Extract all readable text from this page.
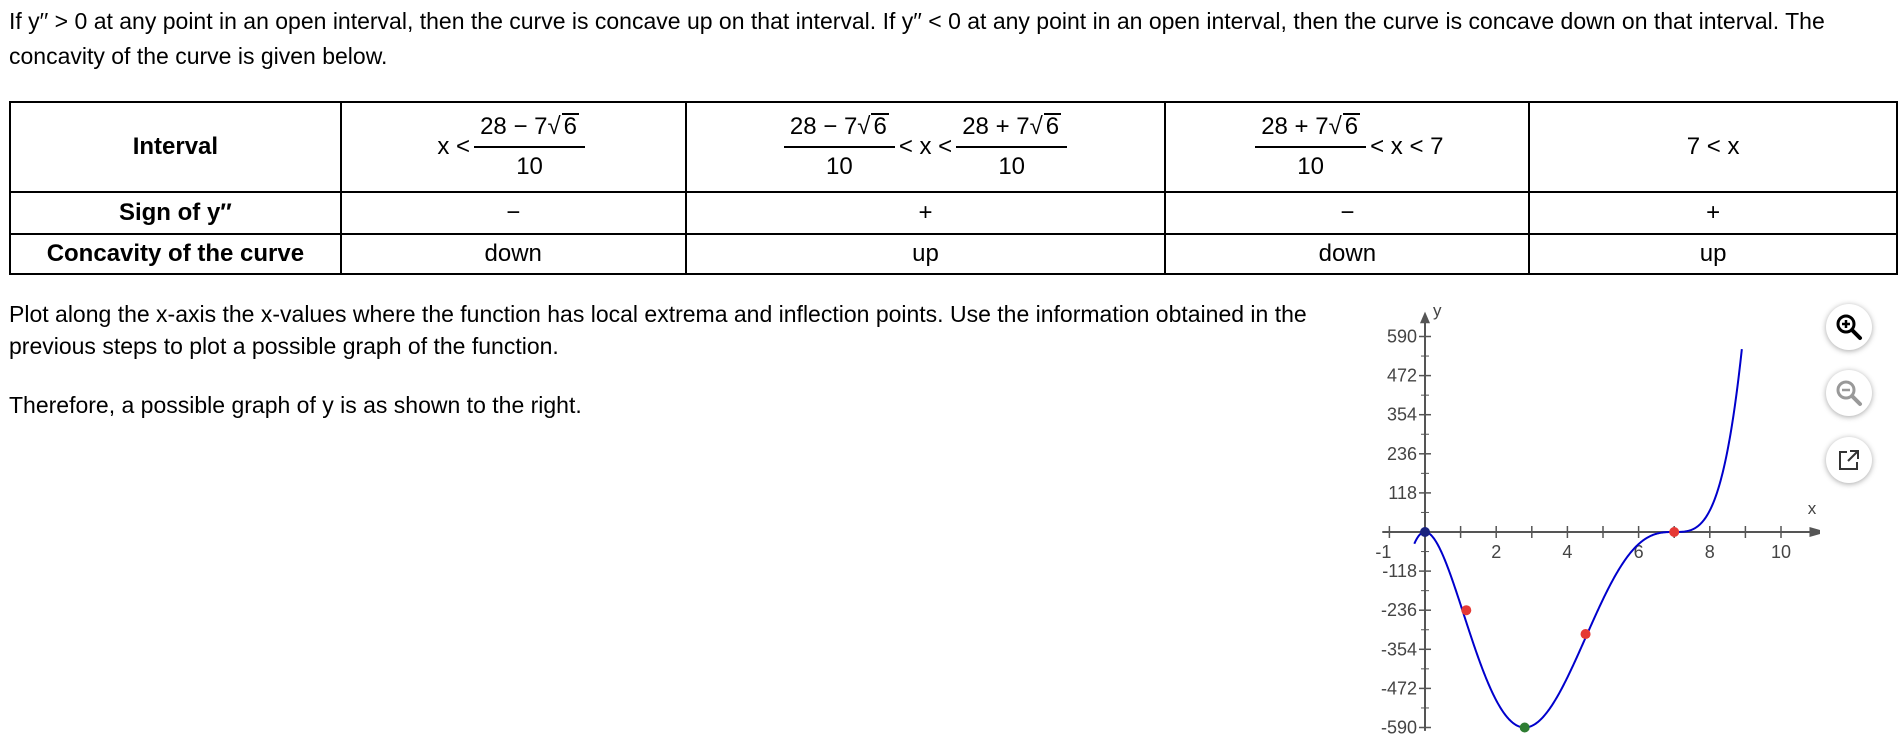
If y′′ > 0 at any point in an open interval, then the curve is concave up on that interval. If y′′ < 0 at any point in an open interval, then the curve is concave down on that interval. The concavity of the curve is given below.
Interval	$x < \frac{28 - 7√ 6}{10}$	$\frac{28 - 7√ 6}{10} < x < \frac{28 + 7√ 6}{10}$	$\frac{28 + 7√ 6}{10} < x < 7$	7 < x
Sign of y′′	−	+	−	+
Concavity of the curve	down	up	down	up
Plot along the x-axis the x-values where the function has local extrema and inflection points. Use the information obtained in the previous steps to plot a possible graph of the function.
Therefore, a possible graph of y is as shown to the right.
x
y
-1	2	4	6	8	10
590
472
354
236
118
-118
-236
-354
-472
-590
